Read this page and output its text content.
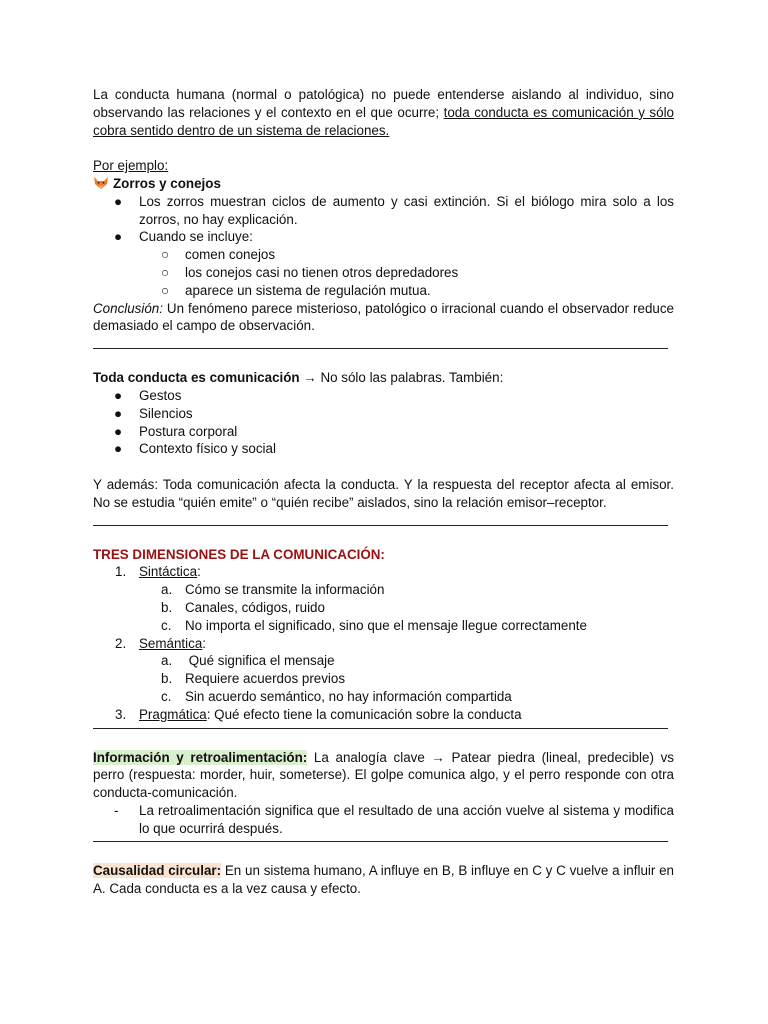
La conducta humana (normal o patológica) no puede entenderse aislando al individuo, sino observando las relaciones y el contexto en el que ocurre; toda conducta es comunicación y sólo cobra sentido dentro de un sistema de relaciones.

Por ejemplo:

Zorros y conejos

● Los zorros muestran ciclos de aumento y casi extinción. Si el biólogo mira solo a los zorros, no hay explicación.
● Cuando se incluye:
○ comen conejos
○ los conejos casi no tienen otros depredadores
○ aparece un sistema de regulación mutua.

Conclusión: Un fenómeno parece misterioso, patológico o irracional cuando el observador reduce demasiado el campo de observación.

Toda conducta es comunicación → No sólo las palabras. También:

● Gestos
● Silencios
● Postura corporal
● Contexto físico y social

Y además: Toda comunicación afecta la conducta. Y la respuesta del receptor afecta al emisor. No se estudia “quién emite” o “quién recibe” aislados, sino la relación emisor–receptor.

TRES DIMENSIONES DE LA COMUNICACIÓN:

1. Sintáctica:
a. Cómo se transmite la información
b. Canales, códigos, ruido
c. No importa el significado, sino que el mensaje llegue correctamente
2. Semántica:
a. Qué significa el mensaje
b. Requiere acuerdos previos
c. Sin acuerdo semántico, no hay información compartida
3. Pragmática: Qué efecto tiene la comunicación sobre la conducta

Información y retroalimentación: La analogía clave → Patear piedra (lineal, predecible) vs perro (respuesta: morder, huir, someterse). El golpe comunica algo, y el perro responde con otra conducta-comunicación.

- La retroalimentación significa que el resultado de una acción vuelve al sistema y modifica lo que ocurrirá después.

Causalidad circular: En un sistema humano, A influye en B, B influye en C y C vuelve a influir en A. Cada conducta es a la vez causa y efecto.
